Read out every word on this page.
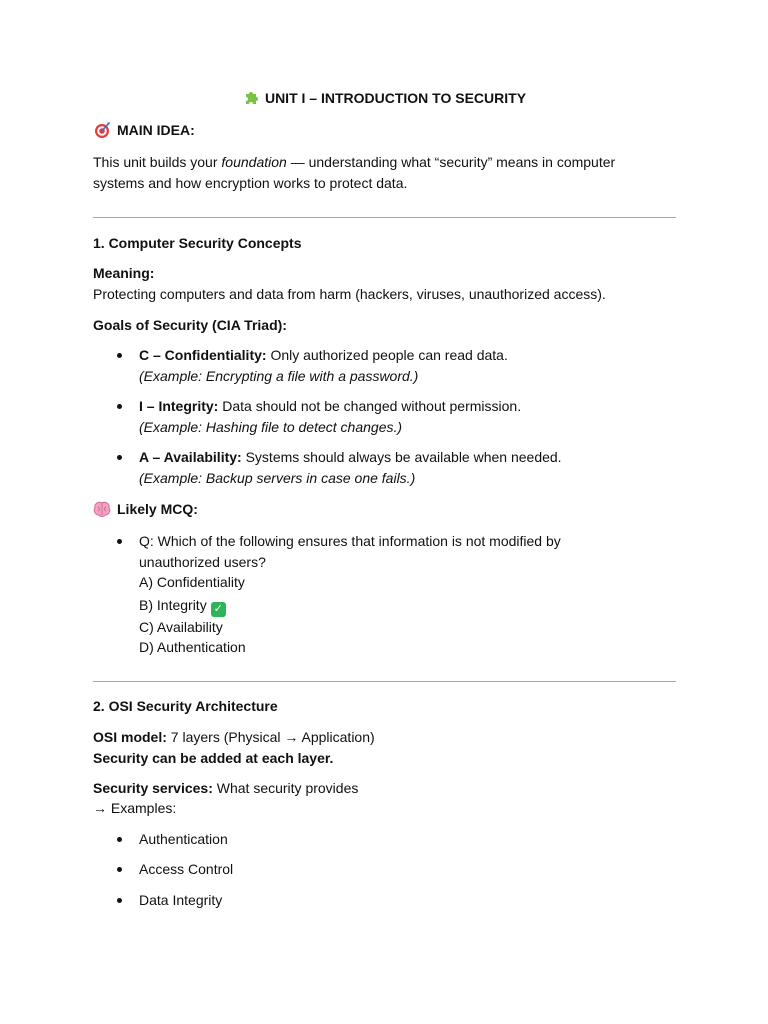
UNIT I – INTRODUCTION TO SECURITY
MAIN IDEA:
This unit builds your foundation — understanding what “security” means in computer
systems and how encryption works to protect data.
1. Computer Security Concepts
Meaning:
Protecting computers and data from harm (hackers, viruses, unauthorized access).
Goals of Security (CIA Triad):
C – Confidentiality: Only authorized people can read data.
(Example: Encrypting a file with a password.)
I – Integrity: Data should not be changed without permission.
(Example: Hashing file to detect changes.)
A – Availability: Systems should always be available when needed.
(Example: Backup servers in case one fails.)
Likely MCQ:
Q: Which of the following ensures that information is not modified by
unauthorized users?
A) Confidentiality
B) Integrity ✓
C) Availability
D) Authentication
2. OSI Security Architecture
OSI model: 7 layers (Physical → Application)
Security can be added at each layer.
Security services: What security provides
→ Examples:
Authentication
Access Control
Data Integrity
